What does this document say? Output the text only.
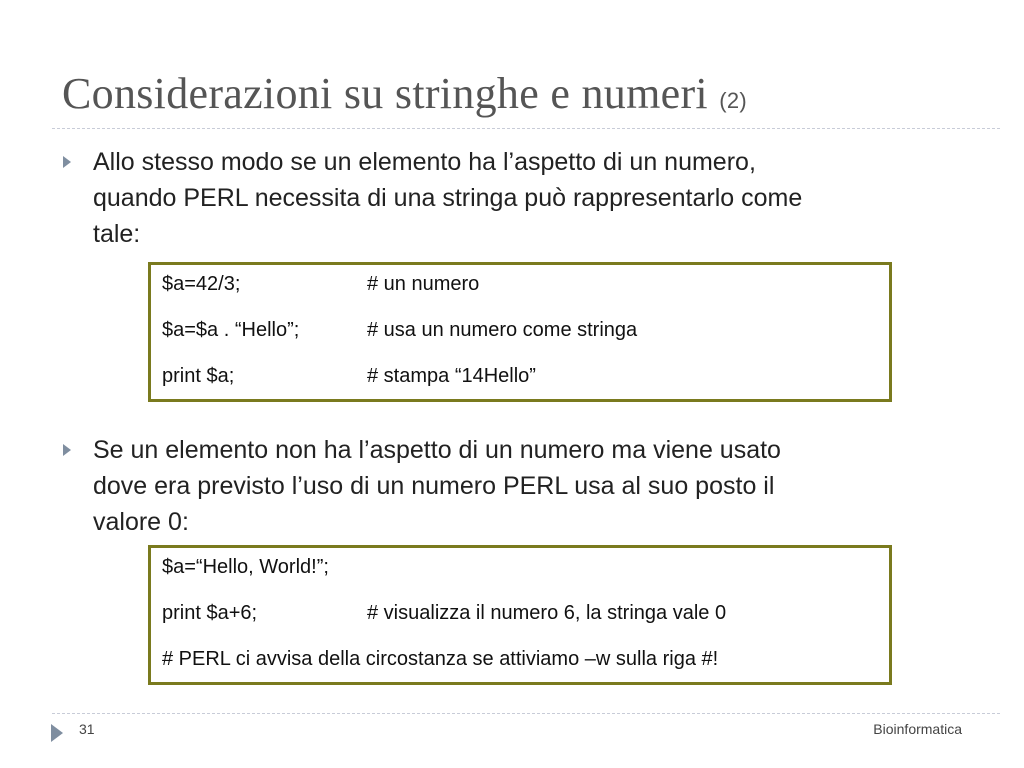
Considerazioni su stringhe e numeri (2)
Allo stesso modo se un elemento ha l’aspetto di un numero,
quando PERL necessita di una stringa può rappresentarlo come
tale:
$a=42/3;	# un numero
$a=$a . “Hello”;	# usa un numero come stringa
print $a;	# stampa “14Hello”
Se un elemento non ha l’aspetto di un numero ma viene usato
dove era previsto l’uso di un numero PERL usa al suo posto il
valore 0:
$a=“Hello, World!”;
print $a+6;	# visualizza il numero 6, la stringa vale 0
# PERL ci avvisa della circostanza se attiviamo –w sulla riga #!
31	Bioinformatica
